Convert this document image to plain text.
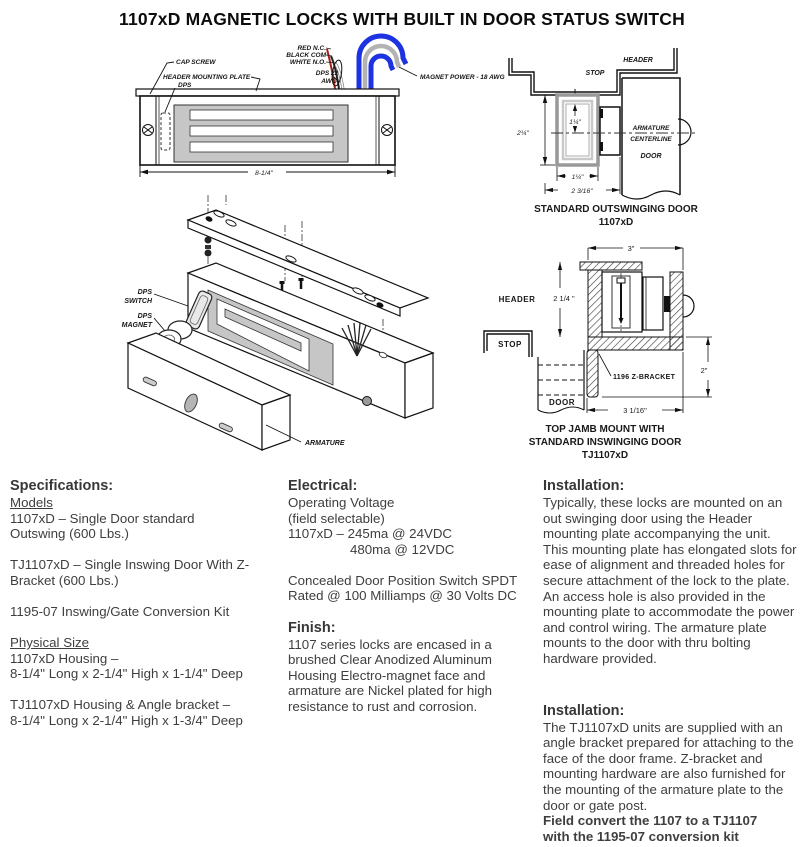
1107xD MAGNETIC LOCKS WITH BUILT IN DOOR STATUS SWITCH
8-1/4"
CAP SCREW
HEADER MOUNTING PLATE
DPS
RED N.C.
BLACK COM
WHITE N.O.
DPS 22
AWG
MAGNET POWER - 18 AWG
HEADER
STOP
ARMATURE
CENTERLINE
DOOR
2¼"
1¼"
1¼"
2 3/16"
STANDARD OUTSWINGING DOOR
1107xD
DPS
SWITCH
DPS
MAGNET
ARMATURE
3"
2 1/4 "
2"
3 1/16"
HEADER
STOP
DOOR
1196 Z-BRACKET
TOP JAMB MOUNT WITH
STANDARD INSWINGING DOOR
TJ1107xD
Specifications:
Models
1107xD – Single Door standard
Outswing (600 Lbs.)
TJ1107xD – Single Inswing Door With Z-
Bracket (600 Lbs.)
1195-07 Inswing/Gate Conversion Kit
Physical Size
1107xD Housing –
8-1/4" Long x 2-1/4" High x 1-1/4" Deep
TJ1107xD Housing & Angle bracket –
8-1/4" Long x 2-1/4" High x 1-3/4" Deep
Electrical:
Operating Voltage
(field selectable)
1107xD – 245ma @ 24VDC
480ma @ 12VDC
Concealed Door Position Switch SPDT
Rated @ 100 Milliamps @ 30 Volts DC
Finish:
1107 series locks are encased in a brushed Clear Anodized Aluminum Housing Electro-magnet face and armature are Nickel plated for high resistance to rust and corrosion.
Installation:
Typically, these locks are mounted on an out swinging door using the Header mounting plate accompanying the unit. This mounting plate has elongated slots for ease of alignment and threaded holes for secure attachment of the lock to the plate. An access hole is also provided in the mounting plate to accommodate the power and control wiring. The armature plate mounts to the door with thru bolting hardware provided.
Installation:
The TJ1107xD units are supplied with an angle bracket prepared for attaching to the face of the door frame. Z-bracket and mounting hardware are also furnished for the mounting of the armature plate to the door or gate post.
Field convert the 1107 to a TJ1107
with the 1195-07 conversion kit
